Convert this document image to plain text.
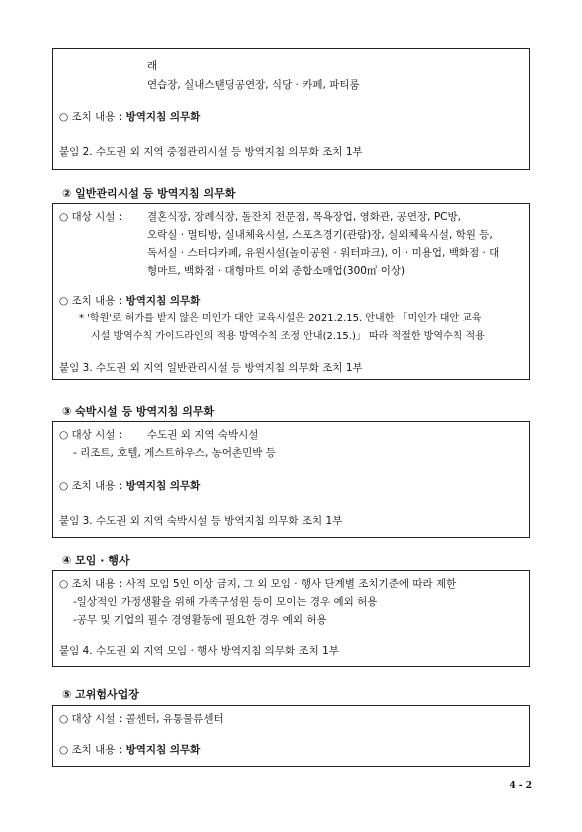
래
연습장, 실내스탠딩공연장, 식당 · 카페, 파티룸
○ 조치 내용 : 방역지침 의무화
붙임 2. 수도권 외 지역 중점관리시설 등 방역지침 의무화 조치 1부
② 일반관리시설 등 방역지침 의무화
○ 대상 시설 : 결혼식장, 장례식장, 돌잔치 전문점, 목욕장업, 영화관, 공연장, PC방,
오락실 · 멀티방, 실내체육시설, 스포츠경기(관람)장, 실외체육시설, 학원 등,
독서실 · 스터디카페, 유원시설(놀이공원 · 워터파크), 이 · 미용업, 백화점 · 대
형마트, 백화점 · 대형마트 이외 종합소매업(300㎡ 이상)
○ 조치 내용 : 방역지침 의무화
* '학원'로 허가를 받지 않은 미인가 대안 교육시설은 2021.2.15. 안내한 「미인가 대안 교육
시설 방역수칙 가이드라인의 적용 방역수칙 조정 안내(2.15.)」 따라 적절한 방역수칙 적용
붙임 3. 수도권 외 지역 일반관리시설 등 방역지침 의무화 조치 1부
③ 숙박시설 등 방역지침 의무화
○ 대상 시설 : 수도권 외 지역 숙박시설
- 리조트, 호텔, 게스트하우스, 농어촌민박 등
○ 조치 내용 : 방역지침 의무화
붙임 3. 수도권 외 지역 숙박시설 등 방역지침 의무화 조치 1부
④ 모임 · 행사
○ 조치 내용 : 사적 모임 5인 이상 금지, 그 외 모임 · 행사 단계별 조치기준에 따라 제한
-일상적인 가정생활을 위해 가족구성원 등이 모이는 경우 예외 허용
-공무 및 기업의 필수 경영활동에 필요한 경우 예외 허용
붙임 4. 수도권 외 지역 모임 · 행사 방역지침 의무화 조치 1부
⑤ 고위험사업장
○ 대상 시설 : 콜센터, 유통물류센터
○ 조치 내용 : 방역지침 의무화
4 - 2
